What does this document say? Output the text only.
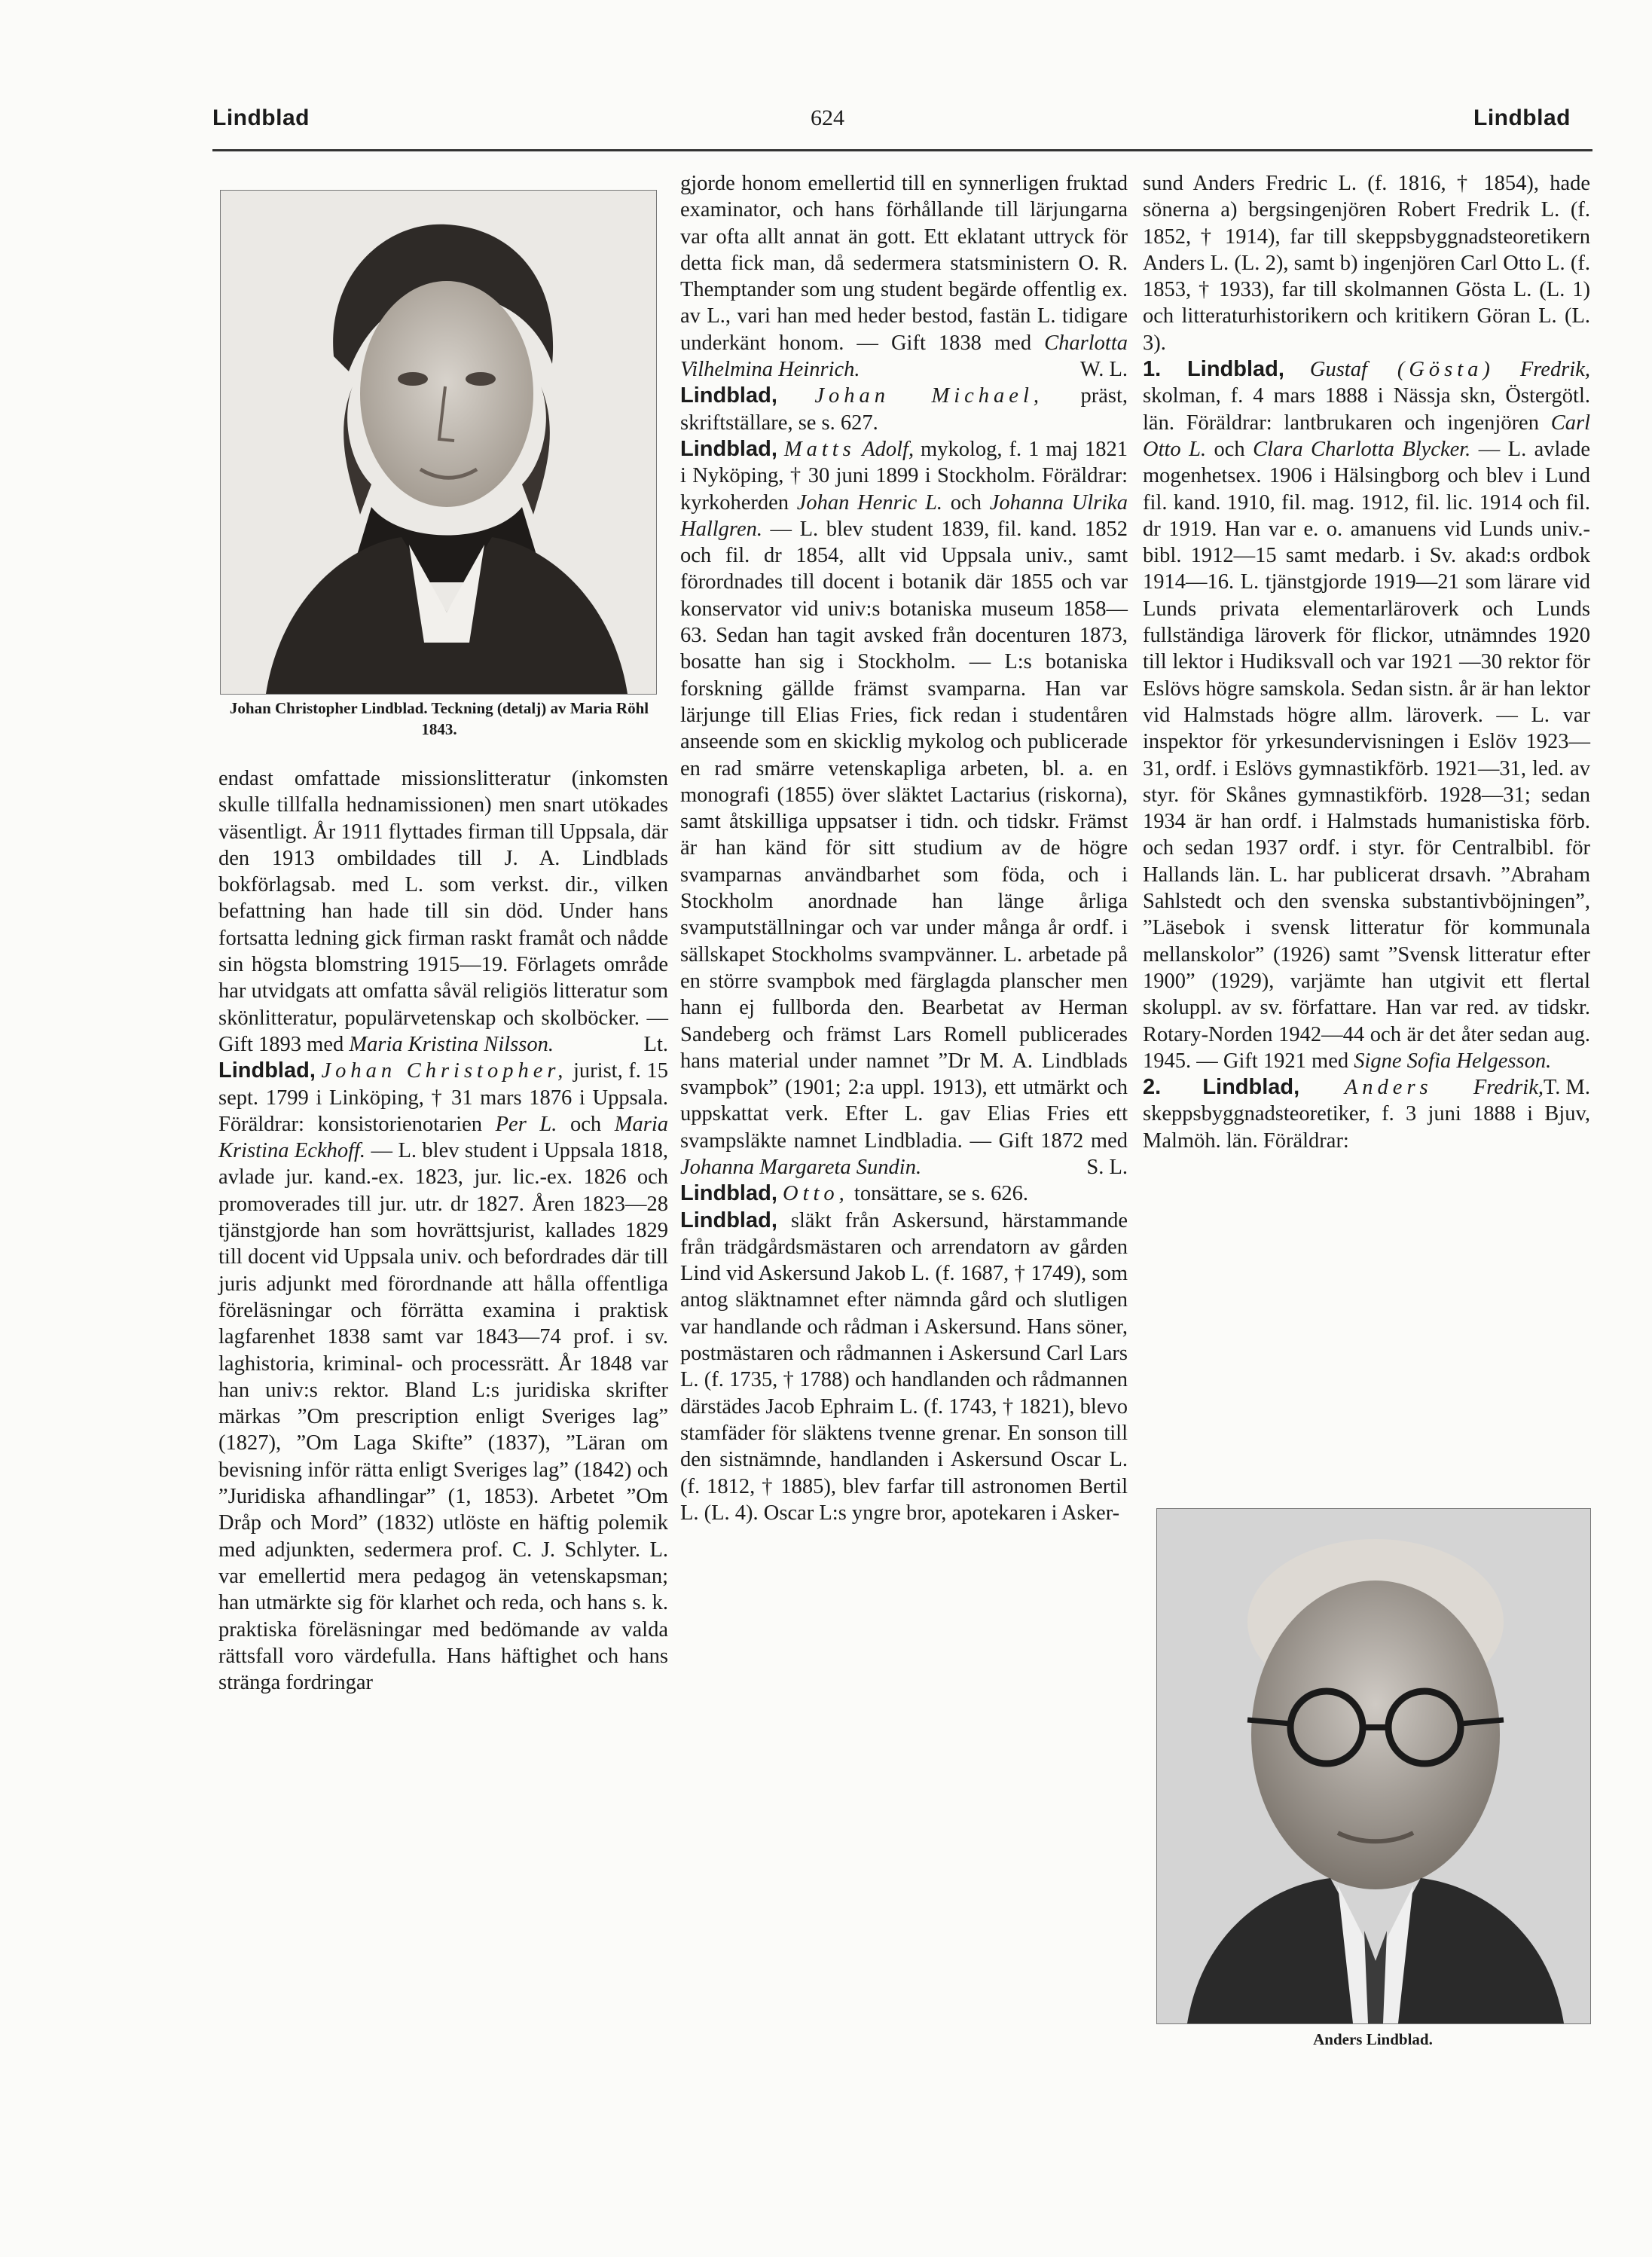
Lindblad	624	Lindblad
Johan Christopher Lindblad. Teckning (detalj) av Maria Röhl 1843.

endast omfattade missionslitteratur (inkomsten skulle tillfalla hednamissionen) men snart utökades väsentligt. År 1911 flyttades firman till Uppsala, där den 1913 ombildades till J. A. Lindblads bokförlagsab. med L. som verkst. dir., vilken befattning han hade till sin död. Under hans fortsatta ledning gick firman raskt framåt och nådde sin högsta blomstring 1915—19. Förlagets område har utvidgats att omfatta såväl religiös litteratur som skönlitteratur, populärvetenskap och skolböcker. — Gift 1893 med Maria Kristina Nilsson.	Lt.

Lindblad, Johan Christopher, jurist, f. 15 sept. 1799 i Linköping, † 31 mars 1876 i Uppsala. Föräldrar: konsistorienotarien Per L. och Maria Kristina Eckhoff. — L. blev student i Uppsala 1818, avlade jur. kand.-ex. 1823, jur. lic.-ex. 1826 och promoverades till jur. utr. dr 1827. Åren 1823—28 tjänstgjorde han som hovrättsjurist, kallades 1829 till docent vid Uppsala univ. och befordrades där till juris adjunkt med förordnande att hålla offentliga föreläsningar och förrätta examina i praktisk lagfarenhet 1838 samt var 1843—74 prof. i sv. laghistoria, kriminal- och processrätt. År 1848 var han univ:s rektor. Bland L:s juridiska skrifter märkas ”Om prescription enligt Sveriges lag” (1827), ”Om Laga Skifte” (1837), ”Läran om bevisning inför rätta enligt Sveriges lag” (1842) och ”Juridiska afhandlingar” (1, 1853). Arbetet ”Om Dråp och Mord” (1832) utlöste en häftig polemik med adjunkten, sedermera prof. C. J. Schlyter. L. var emellertid mera pedagog än vetenskapsman; han utmärkte sig för klarhet och reda, och hans s. k. praktiska föreläsningar med bedömande av valda rättsfall voro värdefulla. Hans häftighet och hans stränga fordringar

gjorde honom emellertid till en synnerligen fruktad examinator, och hans förhållande till lärjungarna var ofta allt annat än gott. Ett eklatant uttryck för detta fick man, då sedermera statsministern O. R. Themptander som ung student begärde offentlig ex. av L., vari han med heder bestod, fastän L. tidigare underkänt honom. — Gift 1838 med Charlotta Vilhelmina Heinrich.	W. L.

Lindblad, Johan Michael, präst, skriftställare, se s. 627.

Lindblad, Matts Adolf, mykolog, f. 1 maj 1821 i Nyköping, † 30 juni 1899 i Stockholm. Föräldrar: kyrkoherden Johan Henric L. och Johanna Ulrika Hallgren. — L. blev student 1839, fil. kand. 1852 och fil. dr 1854, allt vid Uppsala univ., samt förordnades till docent i botanik där 1855 och var konservator vid univ:s botaniska museum 1858—63. Sedan han tagit avsked från docenturen 1873, bosatte han sig i Stockholm. — L:s botaniska forskning gällde främst svamparna. Han var lärjunge till Elias Fries, fick redan i studentåren anseende som en skicklig mykolog och publicerade en rad smärre vetenskapliga arbeten, bl. a. en monografi (1855) över släktet Lactarius (riskorna), samt åtskilliga uppsatser i tidn. och tidskr. Främst är han känd för sitt studium av de högre svamparnas användbarhet som föda, och i Stockholm anordnade han länge årliga svamputställningar och var under många år ordf. i sällskapet Stockholms svampvänner. L. arbetade på en större svampbok med färglagda planscher men hann ej fullborda den. Bearbetat av Herman Sandeberg och främst Lars Romell publicerades hans material under namnet ”Dr M. A. Lindblads svampbok” (1901; 2:a uppl. 1913), ett utmärkt och uppskattat verk. Efter L. gav Elias Fries ett svampsläkte namnet Lindbladia. — Gift 1872 med Johanna Margareta Sundin.	S. L.

Lindblad, Otto, tonsättare, se s. 626.

Lindblad, släkt från Askersund, härstammande från trädgårdsmästaren och arrendatorn av gården Lind vid Askersund Jakob L. (f. 1687, † 1749), som antog släktnamnet efter nämnda gård och slutligen var handlande och rådman i Askersund. Hans söner, postmästaren och rådmannen i Askersund Carl Lars L. (f. 1735, † 1788) och handlanden och rådmannen därstädes Jacob Ephraim L. (f. 1743, † 1821), blevo stamfäder för släktens tvenne grenar. En sonson till den sistnämnde, handlanden i Askersund Oscar L. (f. 1812, † 1885), blev farfar till astronomen Bertil L. (L. 4). Oscar L:s yngre bror, apotekaren i Asker-

sund Anders Fredric L. (f. 1816, † 1854), hade sönerna a) bergsingenjören Robert Fredrik L. (f. 1852, † 1914), far till skeppsbyggnadsteoretikern Anders L. (L. 2), samt b) ingenjören Carl Otto L. (f. 1853, † 1933), far till skolmannen Gösta L. (L. 1) och litteraturhistorikern och kritikern Göran L. (L. 3).

1. Lindblad, Gustaf (Gösta) Fredrik, skolman, f. 4 mars 1888 i Nässja skn, Östergötl. län. Föräldrar: lantbrukaren och ingenjören Carl Otto L. och Clara Charlotta Blycker. — L. avlade mogenhetsex. 1906 i Hälsingborg och blev i Lund fil. kand. 1910, fil. mag. 1912, fil. lic. 1914 och fil. dr 1919. Han var e. o. amanuens vid Lunds univ.-bibl. 1912—15 samt medarb. i Sv. akad:s ordbok 1914—16. L. tjänstgjorde 1919—21 som lärare vid Lunds privata elementarläroverk och Lunds fullständiga läroverk för flickor, utnämndes 1920 till lektor i Hudiksvall och var 1921 —30 rektor för Eslövs högre samskola. Sedan sistn. år är han lektor vid Halmstads högre allm. läroverk. — L. var inspektor för yrkesundervisningen i Eslöv 1923—31, ordf. i Eslövs gymnastikförb. 1921—31, led. av styr. för Skånes gymnastikförb. 1928—31; sedan 1934 är han ordf. i Halmstads humanistiska förb. och sedan 1937 ordf. i styr. för Centralbibl. för Hallands län. L. har publicerat drsavh. ”Abraham Sahlstedt och den svenska substantivböjningen”, ”Läsebok i svensk litteratur för kommunala mellanskolor” (1926) samt ”Svensk litteratur efter 1900” (1929), varjämte han utgivit ett flertal skoluppl. av sv. författare. Han var red. av tidskr. Rotary-Norden 1942—44 och är det åter sedan aug. 1945. — Gift 1921 med Signe Sofia Helgesson.
T. M.

2. Lindblad, Anders Fredrik, skeppsbyggnadsteoretiker, f. 3 juni 1888 i Bjuv, Malmöh. län. Föräldrar:

Anders Lindblad.
